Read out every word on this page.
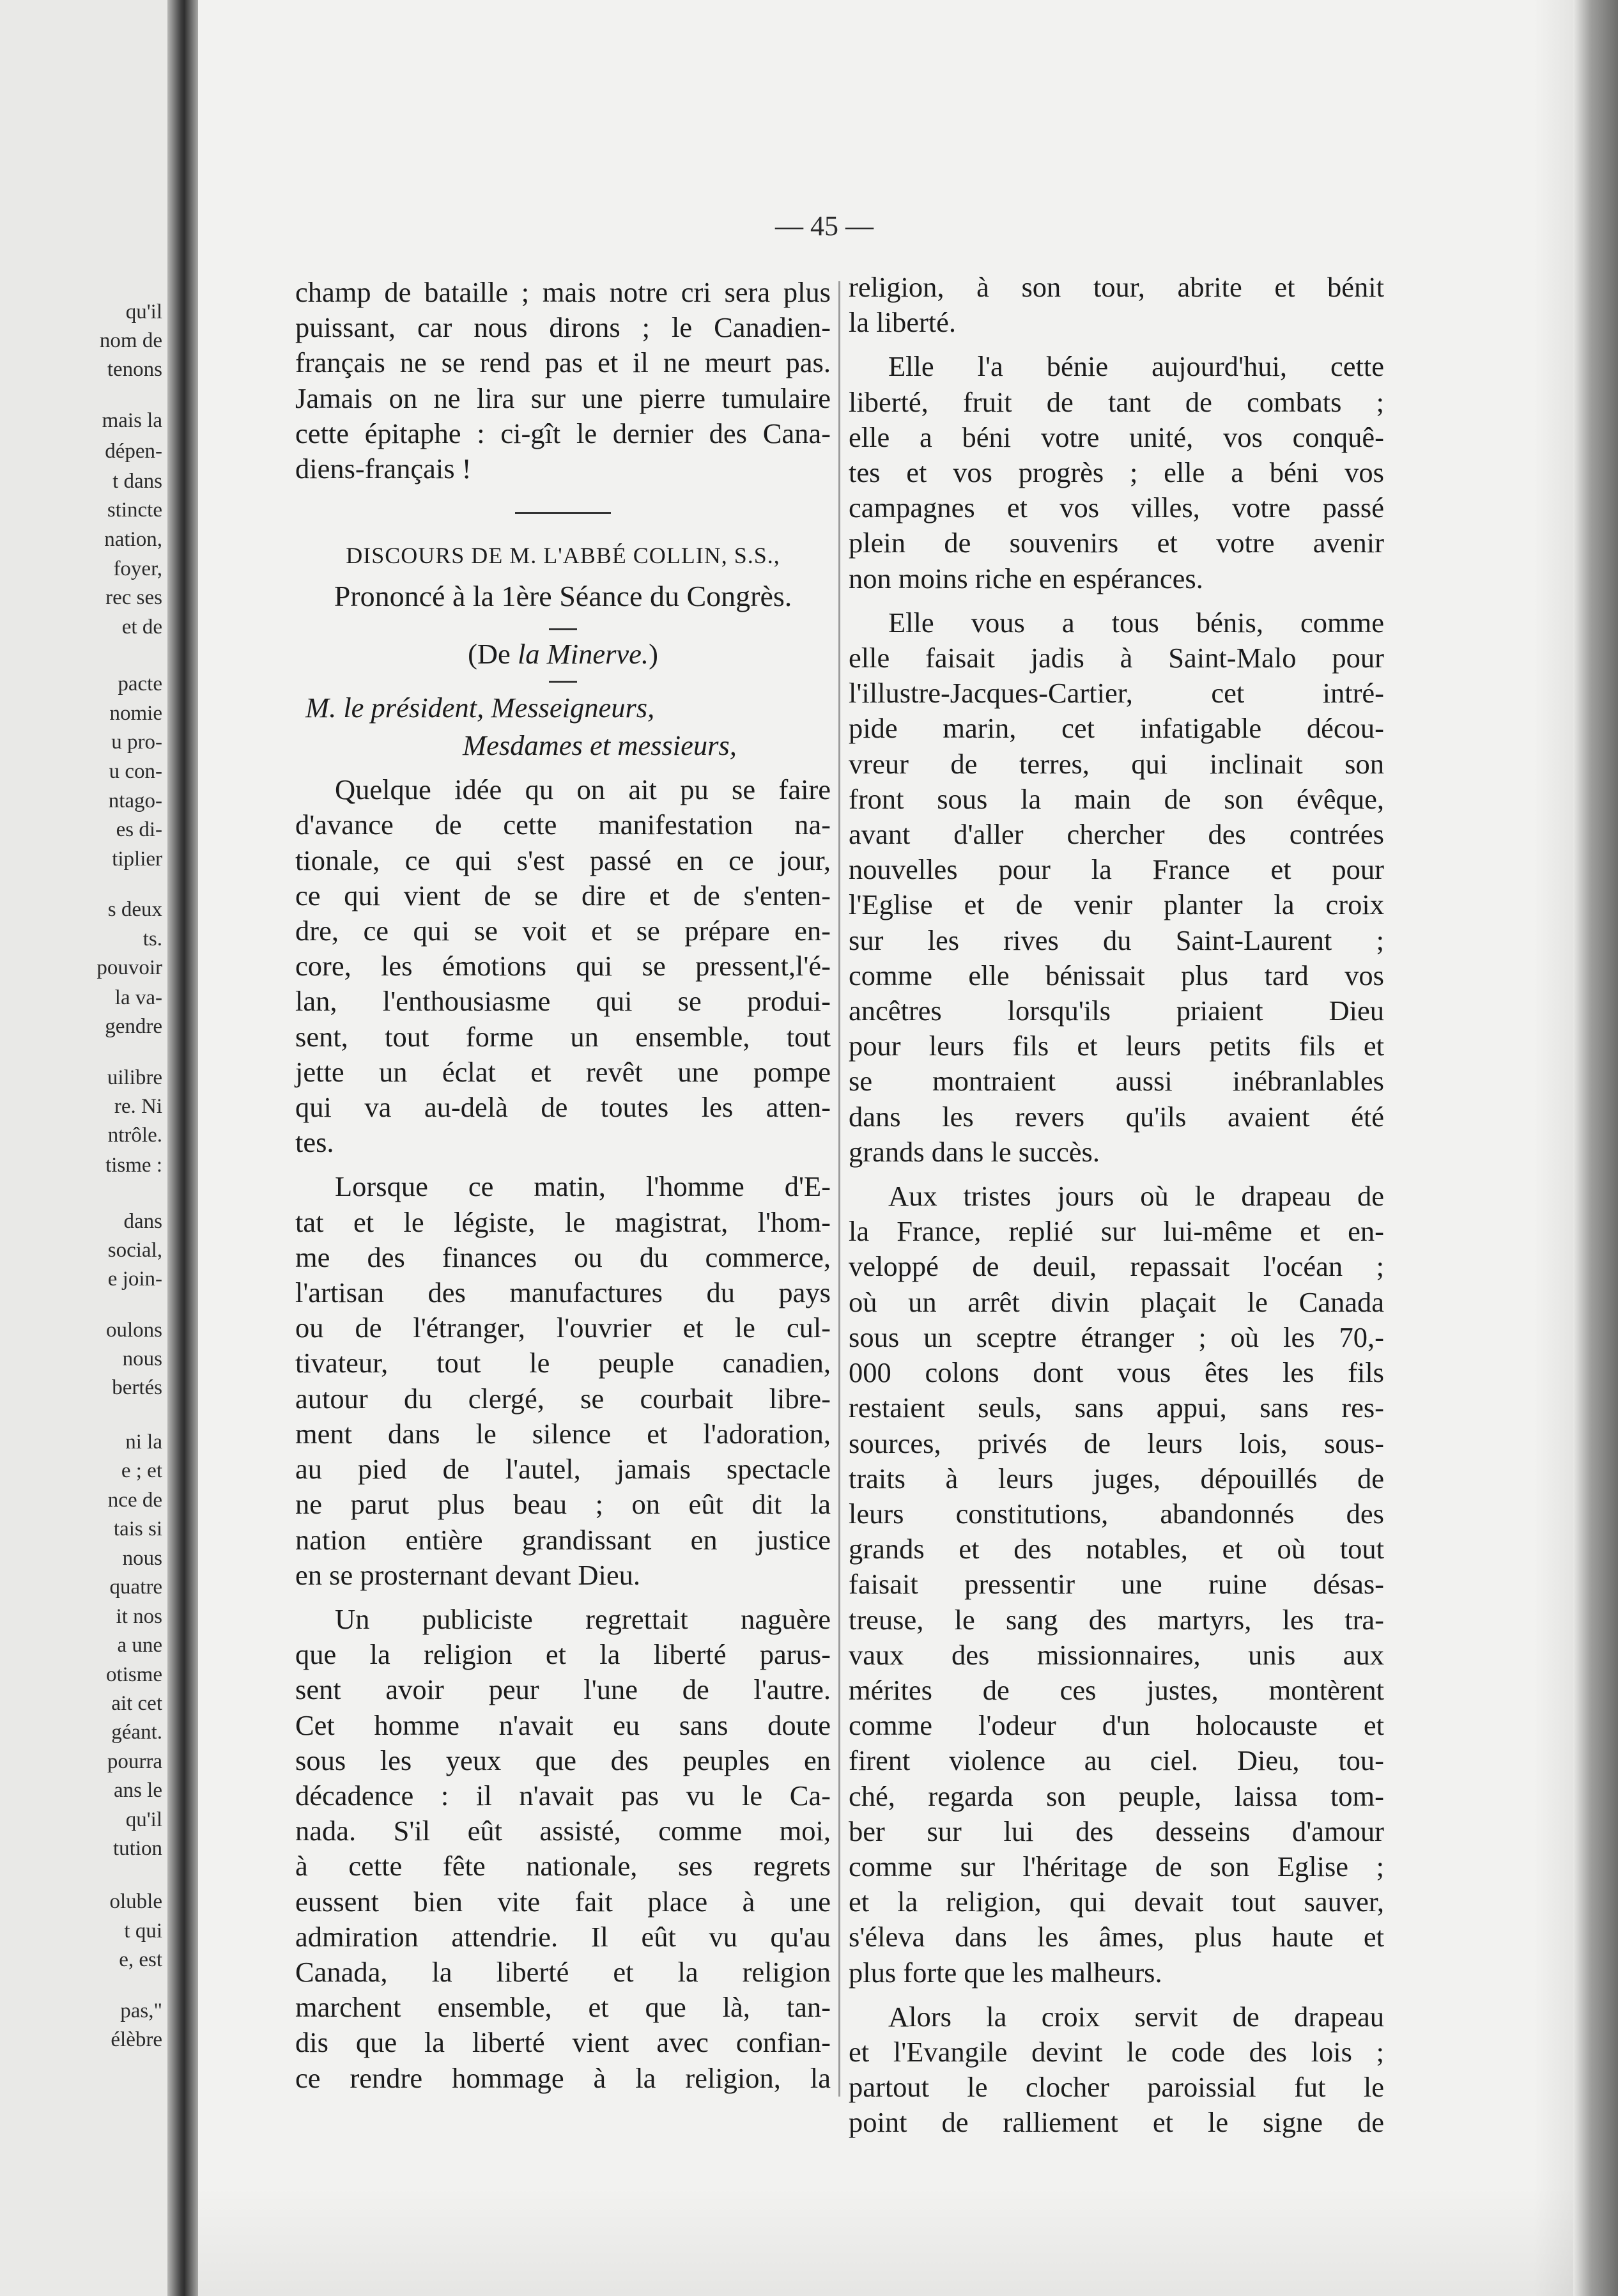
qu'il
nom de
tenons
mais la
dépen-
t dans
stincte
nation,
foyer,
rec ses
et de
pacte
nomie
u pro-
u con-
ntago-
es di-
tiplier
s deux
ts.
pouvoir
la va-
gendre
uilibre
re. Ni
ntrôle.
tisme :
dans
social,
e join-
oulons
nous
bertés
ni la
e ; et
nce de
tais si
nous
quatre
it nos
a une
otisme
ait cet
géant.
pourra
ans le
qu'il
tution
oluble
t qui
e, est
pas,"
élèbre
— 45 —
champ de bataille ; mais notre cri sera plus
puissant, car nous dirons ; le Canadien-
français ne se rend pas et il ne meurt pas.
Jamais on ne lira sur une pierre tumulaire
cette épitaphe : ci-gît le dernier des Cana-
diens-français !
DISCOURS DE M. L'ABBÉ COLLIN, S.S.,
Prononcé à la 1ère Séance du Congrès.
(De la Minerve.)
M. le président, Messeigneurs,
Mesdames et messieurs,
Quelque idée qu on ait pu se faire
d'avance de cette manifestation na-
tionale, ce qui s'est passé en ce jour,
ce qui vient de se dire et de s'enten-
dre, ce qui se voit et se prépare en-
core, les émotions qui se pressent,l'é-
lan, l'enthousiasme qui se produi-
sent, tout forme un ensemble, tout
jette un éclat et revêt une pompe
qui va au-delà de toutes les atten-
tes.
Lorsque ce matin, l'homme d'E-
tat et le légiste, le magistrat, l'hom-
me des finances ou du commerce,
l'artisan des manufactures du pays
ou de l'étranger, l'ouvrier et le cul-
tivateur, tout le peuple canadien,
autour du clergé, se courbait libre-
ment dans le silence et l'adoration,
au pied de l'autel, jamais spectacle
ne parut plus beau ; on eût dit la
nation entière grandissant en justice
en se prosternant devant Dieu.
Un publiciste regrettait naguère
que la religion et la liberté parus-
sent avoir peur l'une de l'autre.
Cet homme n'avait eu sans doute
sous les yeux que des peuples en
décadence : il n'avait pas vu le Ca-
nada. S'il eût assisté, comme moi,
à cette fête nationale, ses regrets
eussent bien vite fait place à une
admiration attendrie. Il eût vu qu'au
Canada, la liberté et la religion
marchent ensemble, et que là, tan-
dis que la liberté vient avec confian-
ce rendre hommage à la religion, la
religion, à son tour, abrite et bénit
la liberté.
Elle l'a bénie aujourd'hui, cette
liberté, fruit de tant de combats ;
elle a béni votre unité, vos conquê-
tes et vos progrès ; elle a béni vos
campagnes et vos villes, votre passé
plein de souvenirs et votre avenir
non moins riche en espérances.
Elle vous a tous bénis, comme
elle faisait jadis à Saint-Malo pour
l'illustre-Jacques-Cartier, cet intré-
pide marin, cet infatigable décou-
vreur de terres, qui inclinait son
front sous la main de son évêque,
avant d'aller chercher des contrées
nouvelles pour la France et pour
l'Eglise et de venir planter la croix
sur les rives du Saint-Laurent ;
comme elle bénissait plus tard vos
ancêtres lorsqu'ils priaient Dieu
pour leurs fils et leurs petits fils et
se montraient aussi inébranlables
dans les revers qu'ils avaient été
grands dans le succès.
Aux tristes jours où le drapeau de
la France, replié sur lui-même et en-
veloppé de deuil, repassait l'océan ;
où un arrêt divin plaçait le Canada
sous un sceptre étranger ; où les 70,-
000 colons dont vous êtes les fils
restaient seuls, sans appui, sans res-
sources, privés de leurs lois, sous-
traits à leurs juges, dépouillés de
leurs constitutions, abandonnés des
grands et des notables, et où tout
faisait pressentir une ruine désas-
treuse, le sang des martyrs, les tra-
vaux des missionnaires, unis aux
mérites de ces justes, montèrent
comme l'odeur d'un holocauste et
firent violence au ciel. Dieu, tou-
ché, regarda son peuple, laissa tom-
ber sur lui des desseins d'amour
comme sur l'héritage de son Eglise ;
et la religion, qui devait tout sauver,
s'éleva dans les âmes, plus haute et
plus forte que les malheurs.
Alors la croix servit de drapeau
et l'Evangile devint le code des lois ;
partout le clocher paroissial fut le
point de ralliement et le signe de
